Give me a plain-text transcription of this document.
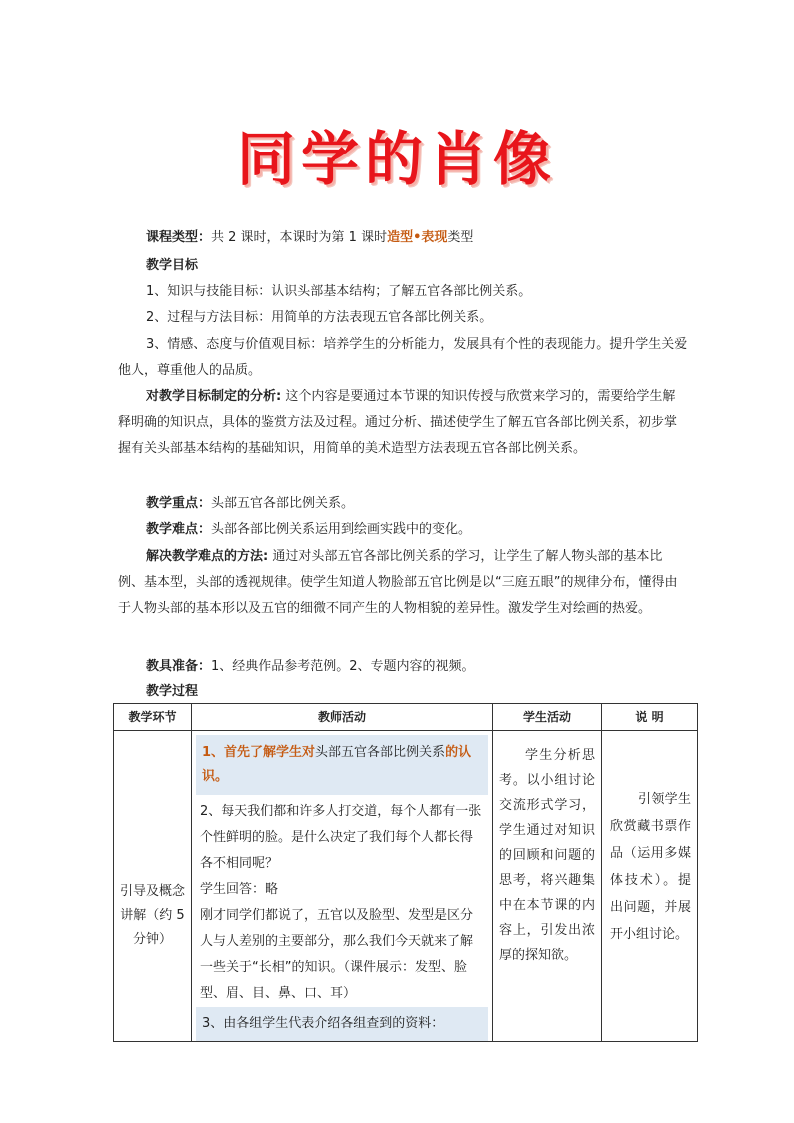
同学的肖像
课程类型：共 2 课时，本课时为第 1 课时造型•表现类型
教学目标
1、知识与技能目标：认识头部基本结构；了解五官各部比例关系。
2、过程与方法目标：用简单的方法表现五官各部比例关系。
3、情感、态度与价值观目标：培养学生的分析能力，发展具有个性的表现能力。提升学生关爱他人，尊重他人的品质。
对教学目标制定的分析: 这个内容是要通过本节课的知识传授与欣赏来学习的，需要给学生解释明确的知识点，具体的鉴赏方法及过程。通过分析、描述使学生了解五官各部比例关系，初步掌握有关头部基本结构的基础知识，用简单的美术造型方法表现五官各部比例关系。
教学重点：头部五官各部比例关系。
教学难点：头部各部比例关系运用到绘画实践中的变化。
解决教学难点的方法: 通过对头部五官各部比例关系的学习，让学生了解人物头部的基本比例、基本型，头部的透视规律。使学生知道人物脸部五官比例是以“三庭五眼”的规律分布，懂得由于人物头部的基本形以及五官的细微不同产生的人物相貌的差异性。激发学生对绘画的热爱。
教具准备：1、经典作品参考范例。2、专题内容的视频。
教学过程
教学环节	教师活动	学生活动	说 明
引导及概念讲解（约 5 分钟）	1、首先了解学生对头部五官各部比例关系的认识。
2、每天我们都和许多人打交道，每个人都有一张个性鲜明的脸。是什么决定了我们每个人都长得各不相同呢？
学生回答：略
刚才同学们都说了，五官以及脸型、发型是区分人与人差别的主要部分，那么我们今天就来了解一些关于“长相”的知识。（课件展示：发型、脸型、眉、目、鼻、口、耳）
3、由各组学生代表介绍各组查到的资料：	学生分析思考。以小组讨论交流形式学习，学生通过对知识的回顾和问题的思考，将兴趣集中在本节课的内容上，引发出浓厚的探知欲。	引领学生欣赏藏书票作品（运用多媒体技术）。提出问题，并展开小组讨论。
